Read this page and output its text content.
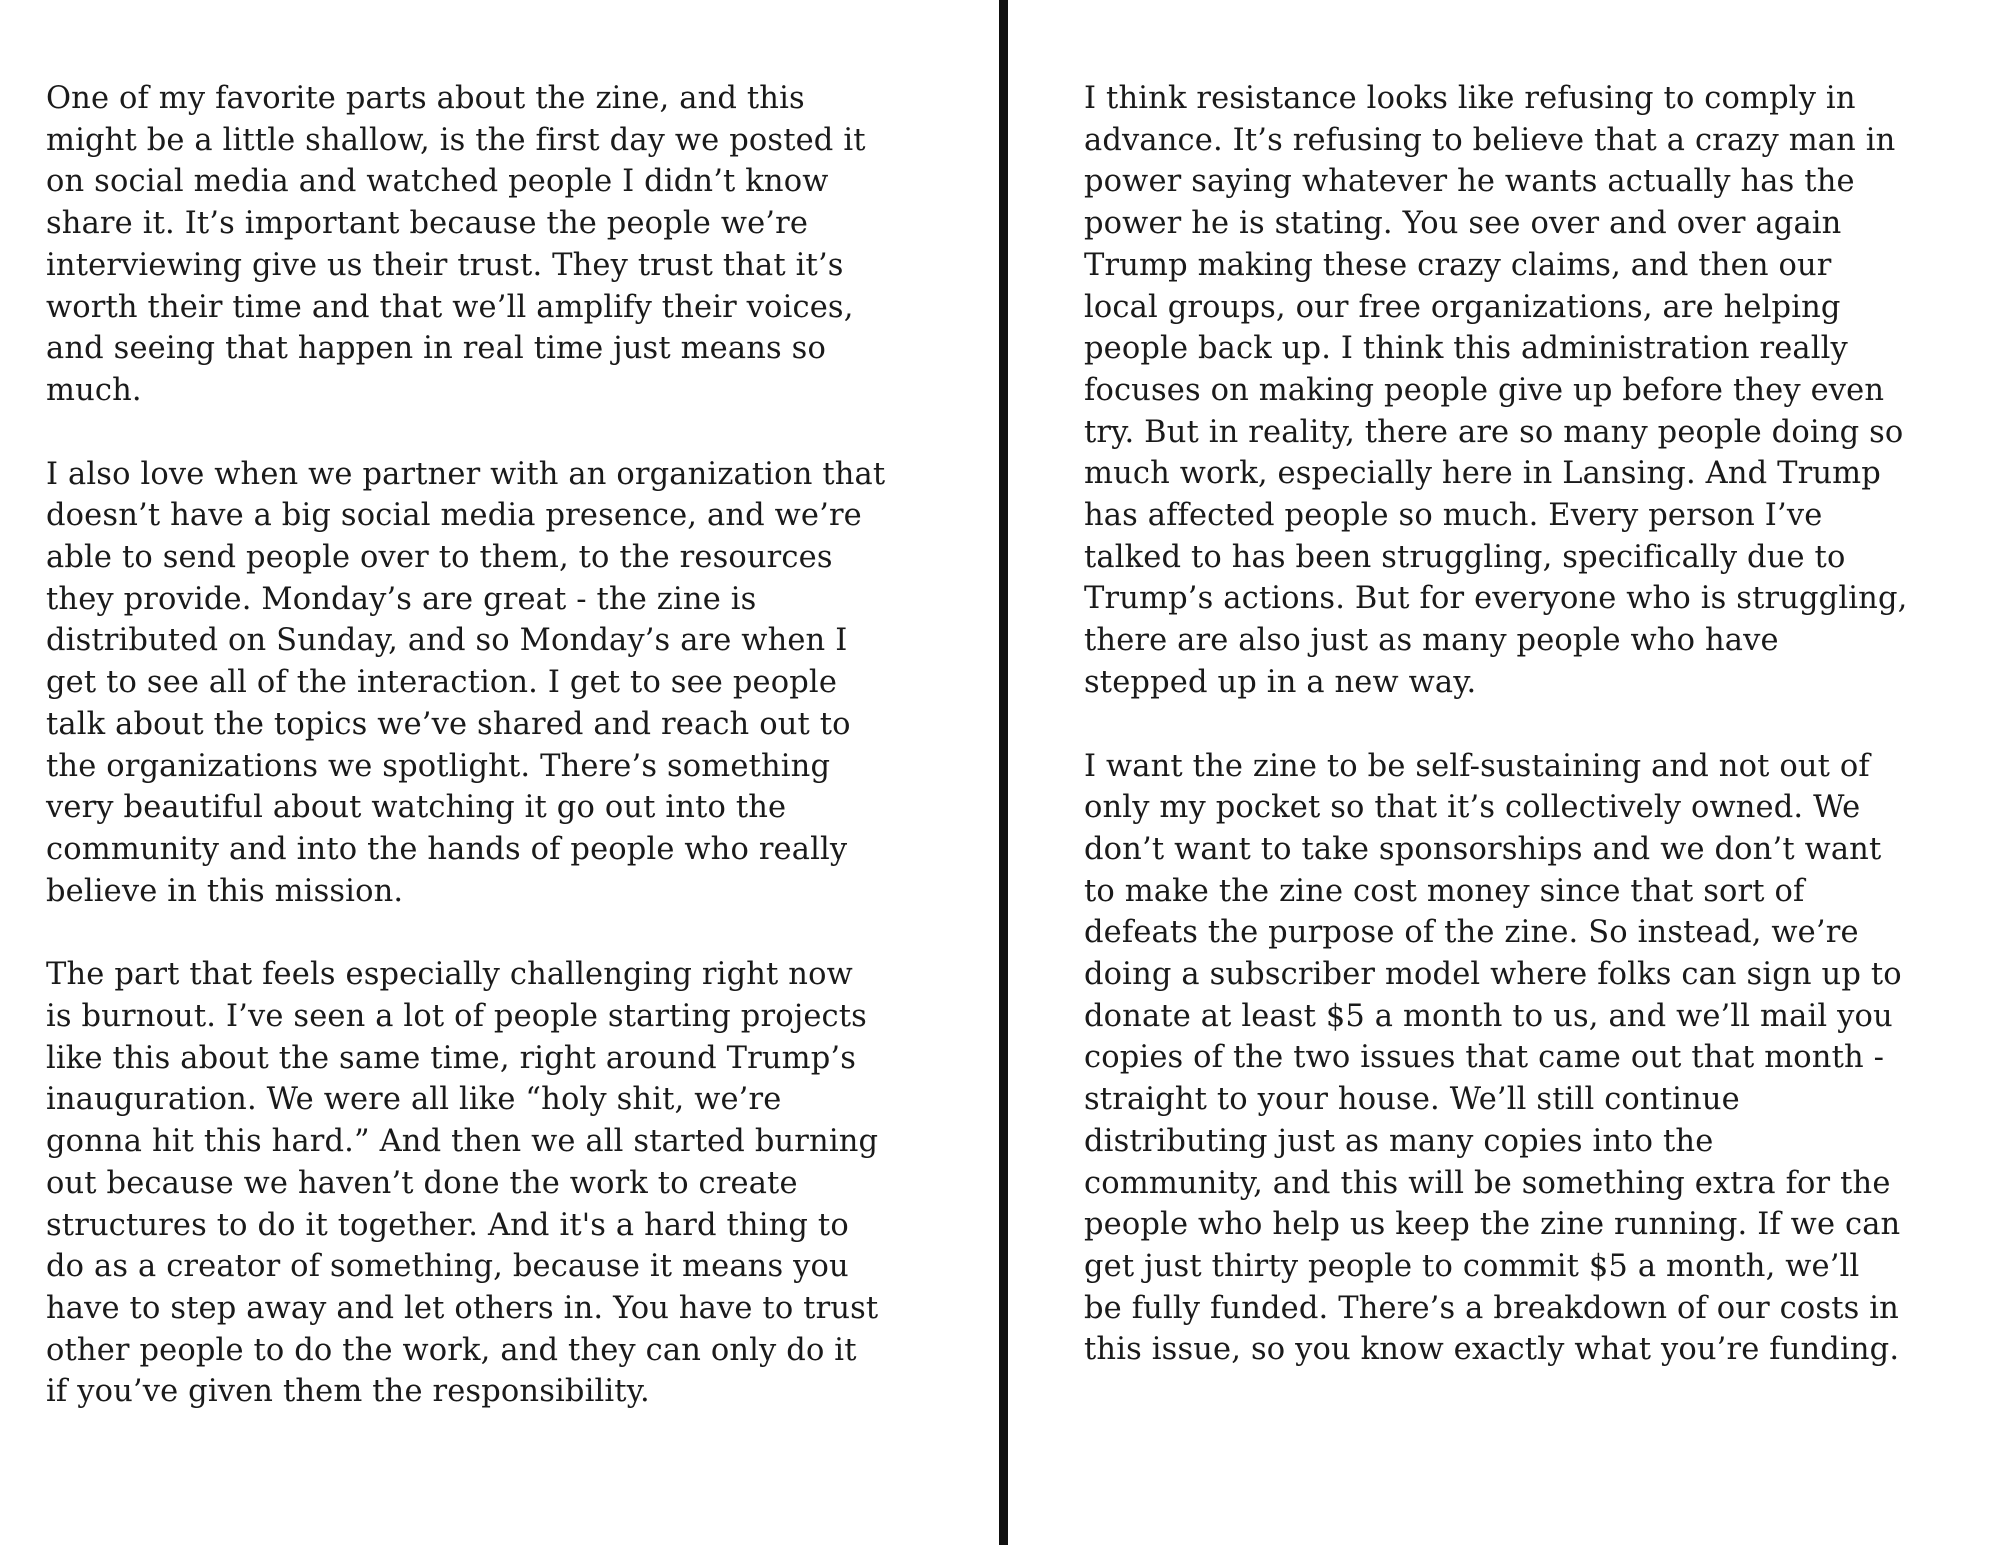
One of my favorite parts about the zine, and this
might be a little shallow, is the first day we posted it
on social media and watched people I didn’t know
share it. It’s important because the people we’re
interviewing give us their trust. They trust that it’s
worth their time and that we’ll amplify their voices,
and seeing that happen in real time just means so
much.

I also love when we partner with an organization that
doesn’t have a big social media presence, and we’re
able to send people over to them, to the resources
they provide. Monday’s are great - the zine is
distributed on Sunday, and so Monday’s are when I
get to see all of the interaction. I get to see people
talk about the topics we’ve shared and reach out to
the organizations we spotlight. There’s something
very beautiful about watching it go out into the
community and into the hands of people who really
believe in this mission.

The part that feels especially challenging right now
is burnout. I’ve seen a lot of people starting projects
like this about the same time, right around Trump’s
inauguration. We were all like “holy shit, we’re
gonna hit this hard.” And then we all started burning
out because we haven’t done the work to create
structures to do it together. And it's a hard thing to
do as a creator of something, because it means you
have to step away and let others in. You have to trust
other people to do the work, and they can only do it
if you’ve given them the responsibility.

I think resistance looks like refusing to comply in
advance. It’s refusing to believe that a crazy man in
power saying whatever he wants actually has the
power he is stating. You see over and over again
Trump making these crazy claims, and then our
local groups, our free organizations, are helping
people back up. I think this administration really
focuses on making people give up before they even
try. But in reality, there are so many people doing so
much work, especially here in Lansing. And Trump
has affected people so much. Every person I’ve
talked to has been struggling, specifically due to
Trump’s actions. But for everyone who is struggling,
there are also just as many people who have
stepped up in a new way.

I want the zine to be self-sustaining and not out of
only my pocket so that it’s collectively owned. We
don’t want to take sponsorships and we don’t want
to make the zine cost money since that sort of
defeats the purpose of the zine. So instead, we’re
doing a subscriber model where folks can sign up to
donate at least $5 a month to us, and we’ll mail you
copies of the two issues that came out that month -
straight to your house. We’ll still continue
distributing just as many copies into the
community, and this will be something extra for the
people who help us keep the zine running. If we can
get just thirty people to commit $5 a month, we’ll
be fully funded. There’s a breakdown of our costs in
this issue, so you know exactly what you’re funding.
